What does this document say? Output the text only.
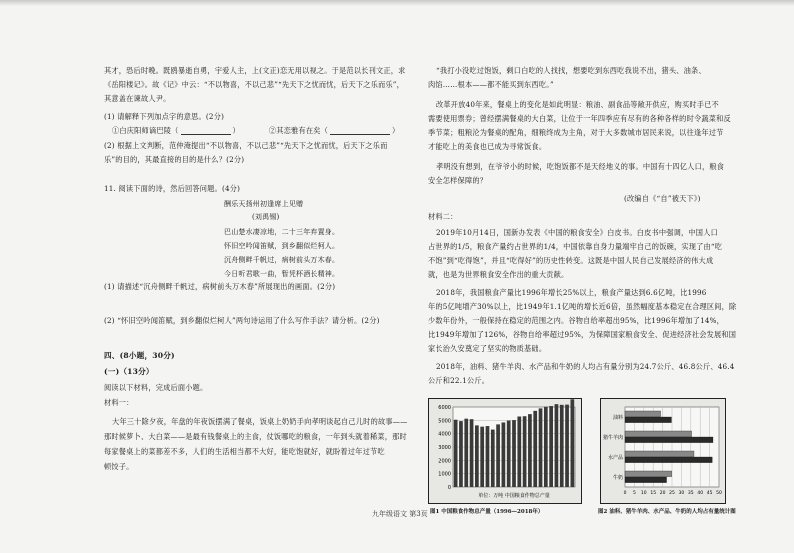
其才，恐后时晚。既鸥暴逝自勇，宇爱人主，上(文正)恋无用以视之。于是范以长刊文正，求
《岳阳楼记》。故《记》中云：“不以物喜，不以己悲”“先天下之忧而忧，后天下之乐而乐”，
其意盖在谏故人尹。
(1) 请解释下列加点字的意思。(2分)
①白庆阳师谪巴陵（	）	②其恋雅有在矣（	）
(2) 根据上文判断，范仲淹提出“不以物喜，不以己悲”“先天下之忧而忧，后天下之乐而
乐”的目的，其最直接的目的是什么？(2分)
11. 阅读下面的诗，然后回答问题。(4分)
酬乐天扬州初逢席上见赠
(刘禹锡)
巴山楚水凄凉地，二十三年弃置身。
怀旧空吟闻笛赋，到乡翻似烂柯人。
沉舟侧畔千帆过，病树前头万木春。
今日听君歌一曲，暂凭杯酒长精神。
(1) 请描述“沉舟侧畔千帆过，病树前头万木春”所展现出的画面。(2分)
(2) “怀旧空吟闻笛赋，到乡翻似烂柯人”两句诗运用了什么写作手法？请分析。(2分)
四、(8小题，30分)
(一)（13分）
阅读以下材料，完成后面小题。
材料一：
大年三十除夕夜，年盘的年夜饭摆满了餐桌，饭桌上奶奶手向孝明谈起自己儿时的故事——
那时候萝卜、大白菜——是最有钱餐桌上的主食，仗饭哪吃的粮食，一年到头就着稀菜，那时
每家餐桌上的菜都差不多，人们的生活相当都不大好，能吃饱就好，就盼着过年过节吃
顿饺子。
“我打小没吃过饱饭，剩口白吃的人找找，想要吃到东西吃我说不出，猪头、油条、
肉馅……根本——都不能买到东西吃。”
改革开放40年来，餐桌上的变化是如此明显：粮油、副食品等敞开供应，购买时手已不
需要使用票券；曾经摆满餐桌的大白菜，让位于一年四季应有尽有的各种各样的时令蔬菜和反
季节菜；粗粮沦为餐桌的配角，细粮终成为主角，对于大多数城市居民来说，以往逢年过节
才能吃上的美食也已成为寻常饭食。
孝明没有想到，在爷爷小的时候，吃饱饭都不是天经地义的事。中国有十四亿人口，粮食
安全怎样保障的？
(改编自《“自”被天下》)
材料二：
2019年10月14日，国新办发表《中国的粮食安全》白皮书。白皮书中强调，中国人口
占世界的1/5，粮食产量约占世界的1/4，中国依靠自身力量端牢自己的饭碗，实现了由“吃
不饱”到“吃得饱”，并且“吃得好”的历史性转变。这既是中国人民自己发展经济的伟大成
就，也是为世界粮食安全作出的重大贡献。
2018年，我国粮食产量比1996年增长25%以上，粮食产量达到6.6亿吨，比1996
年的5亿吨增产30%以上，比1949年1.1亿吨的增长近6倍，虽然幅度基本稳定在合理区间，除
少数年份外，一般保持在稳定的范围之内。谷物自给率超出95%，比1996年增加了14%，
比1949年增加了126%，谷物自给率超过95%，为保障国家粮食安全、促进经济社会发展和国
家长治久安奠定了坚实的物质基础。
2018年，油料、猪牛羊肉、水产品和牛奶的人均占有量分别为24.7公斤、46.8公斤、46.4
公斤和22.1公斤。
6000
5000
4000
3000
2000
1000
0
单位：万吨 中国粮食作物总产量
图1 中国粮食作物总产量（1996—2018年）
0 5 10 15 20 25 30 35 40 45 50
油料
猪牛羊肉
水产品
牛奶
图2 油料、猪牛羊肉、水产品、牛奶的人均占有量统计图
九年级语文 第3页
